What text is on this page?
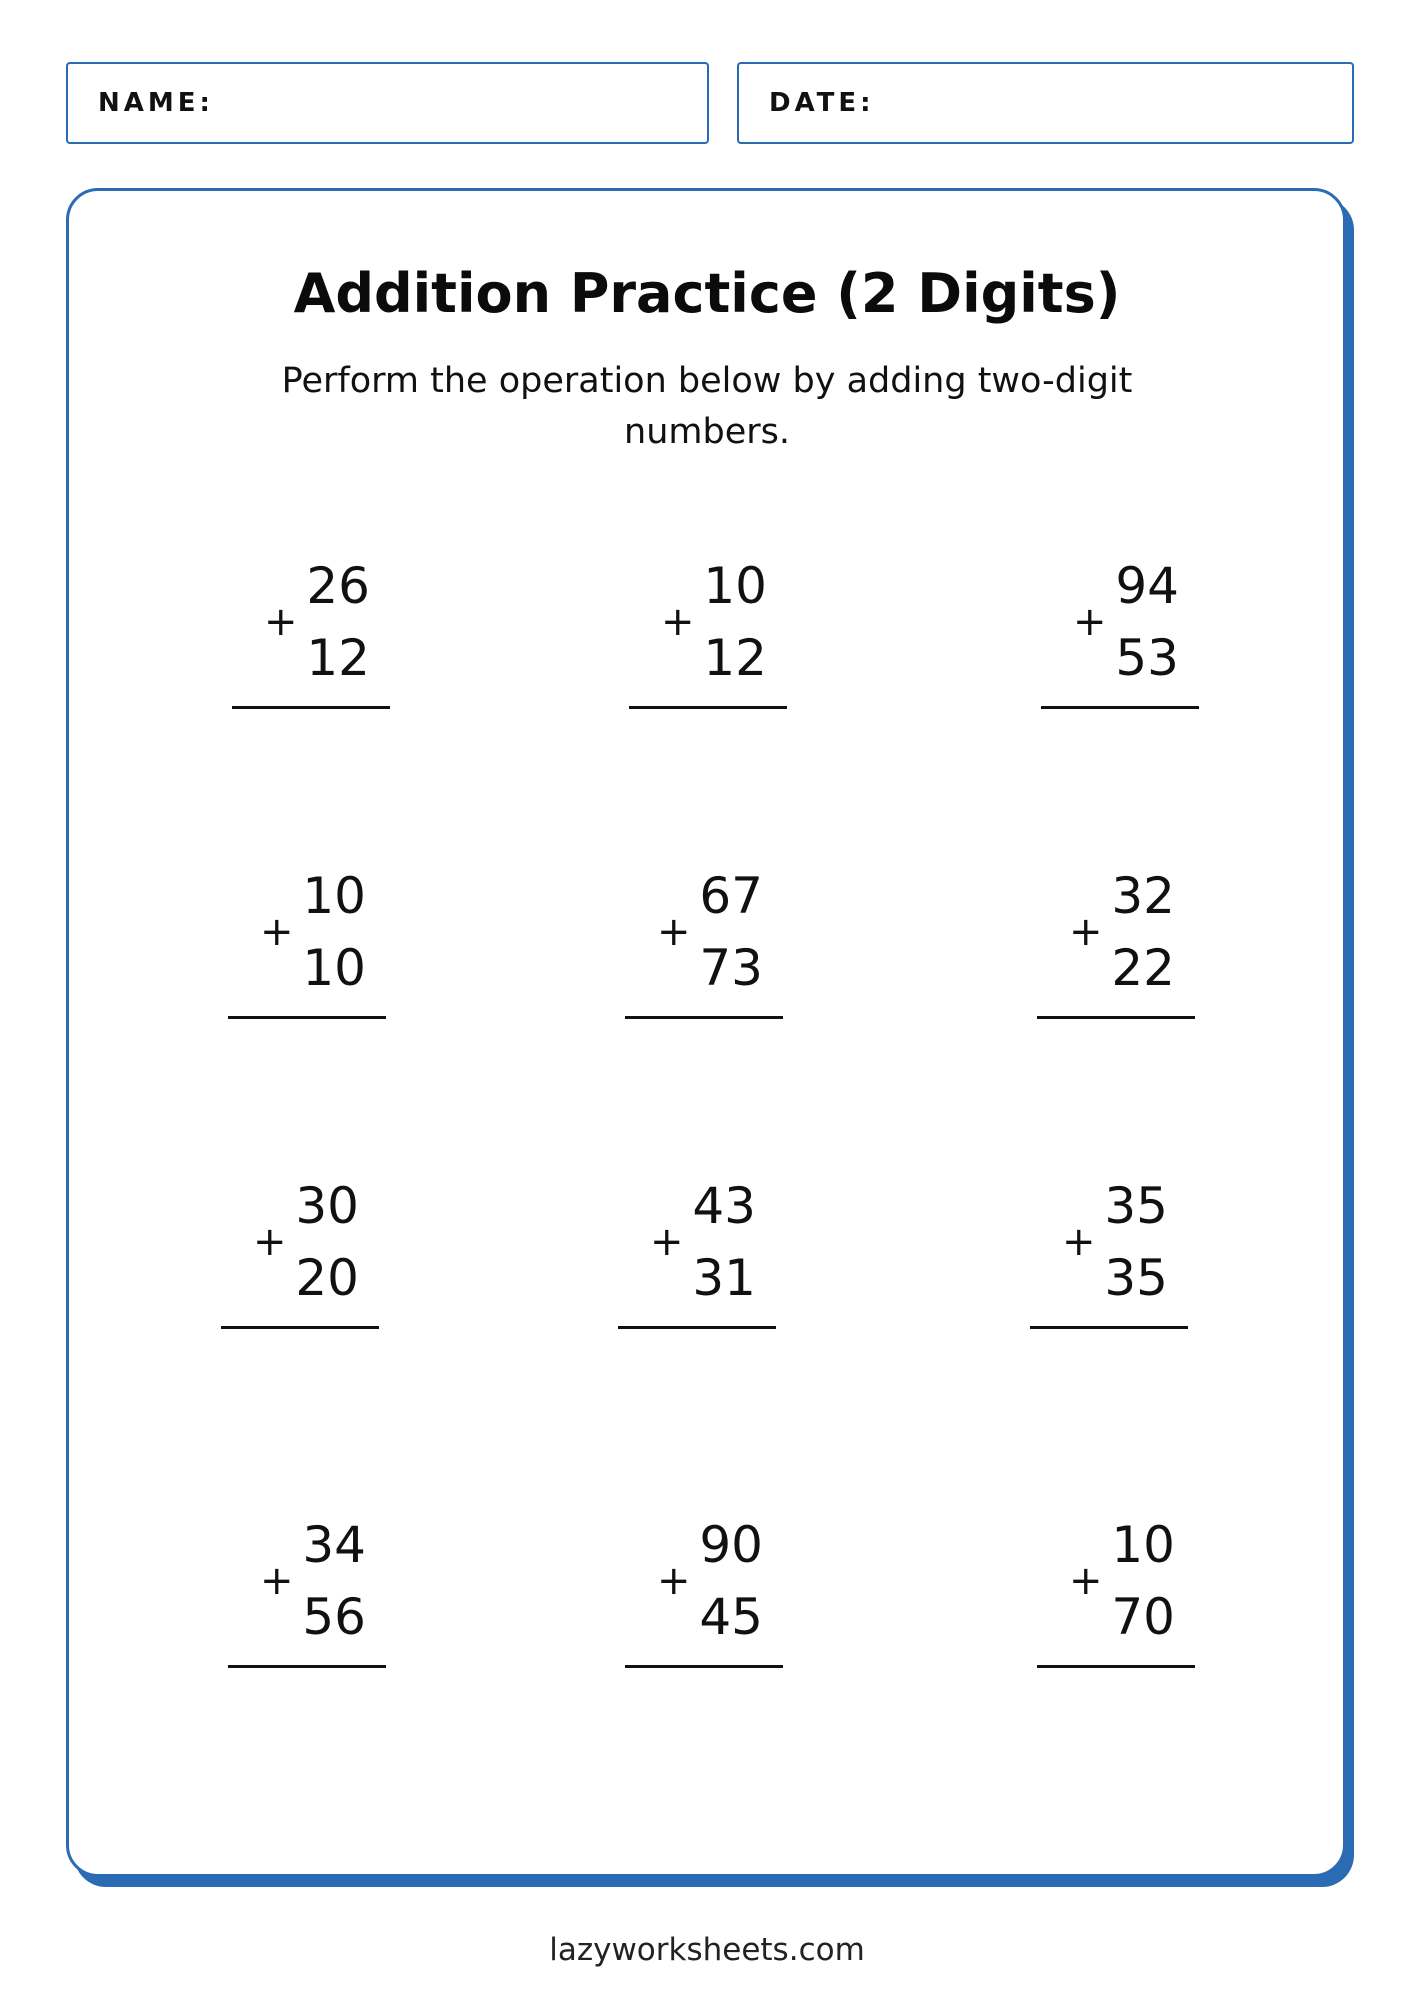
NAME:	DATE:
Addition Practice (2 Digits)
Perform the operation below by adding two-digit numbers.
26
+
12
10
+
12
94
+
53
10
+
10
67
+
73
32
+
22
30
+
20
43
+
31
35
+
35
34
+
56
90
+
45
10
+
70
lazyworksheets.com
